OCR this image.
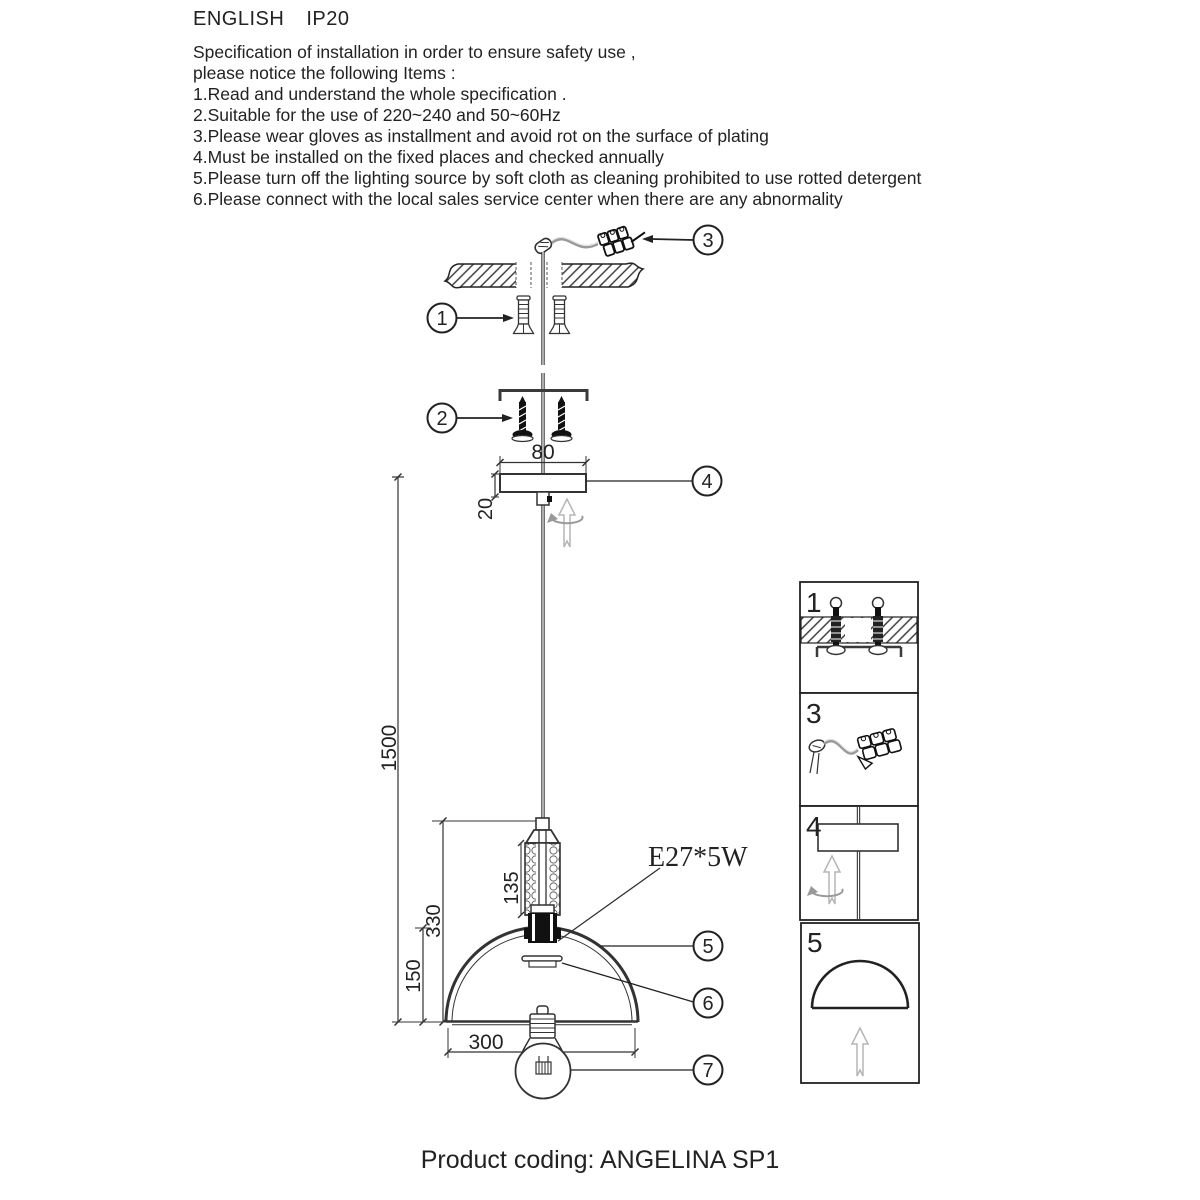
ENGLISH IP20
Specification of installation in order to ensure safety use ,
please notice the following Items :
1.Read and understand the whole specification .
2.Suitable for the use of 220~240 and 50~60Hz
3.Please wear gloves as installment and avoid rot on the surface of plating
4.Must be installed on the fixed places and checked annually
5.Please turn off the lighting source by soft cloth as cleaning prohibited to use rotted detergent
6.Please connect with the local sales service center when there are any abnormality
80
20
1500
330
150
300
135
E27*5W
1
2
3
4
5
6
7
1
3
4
5
Product coding: ANGELINA SP1
